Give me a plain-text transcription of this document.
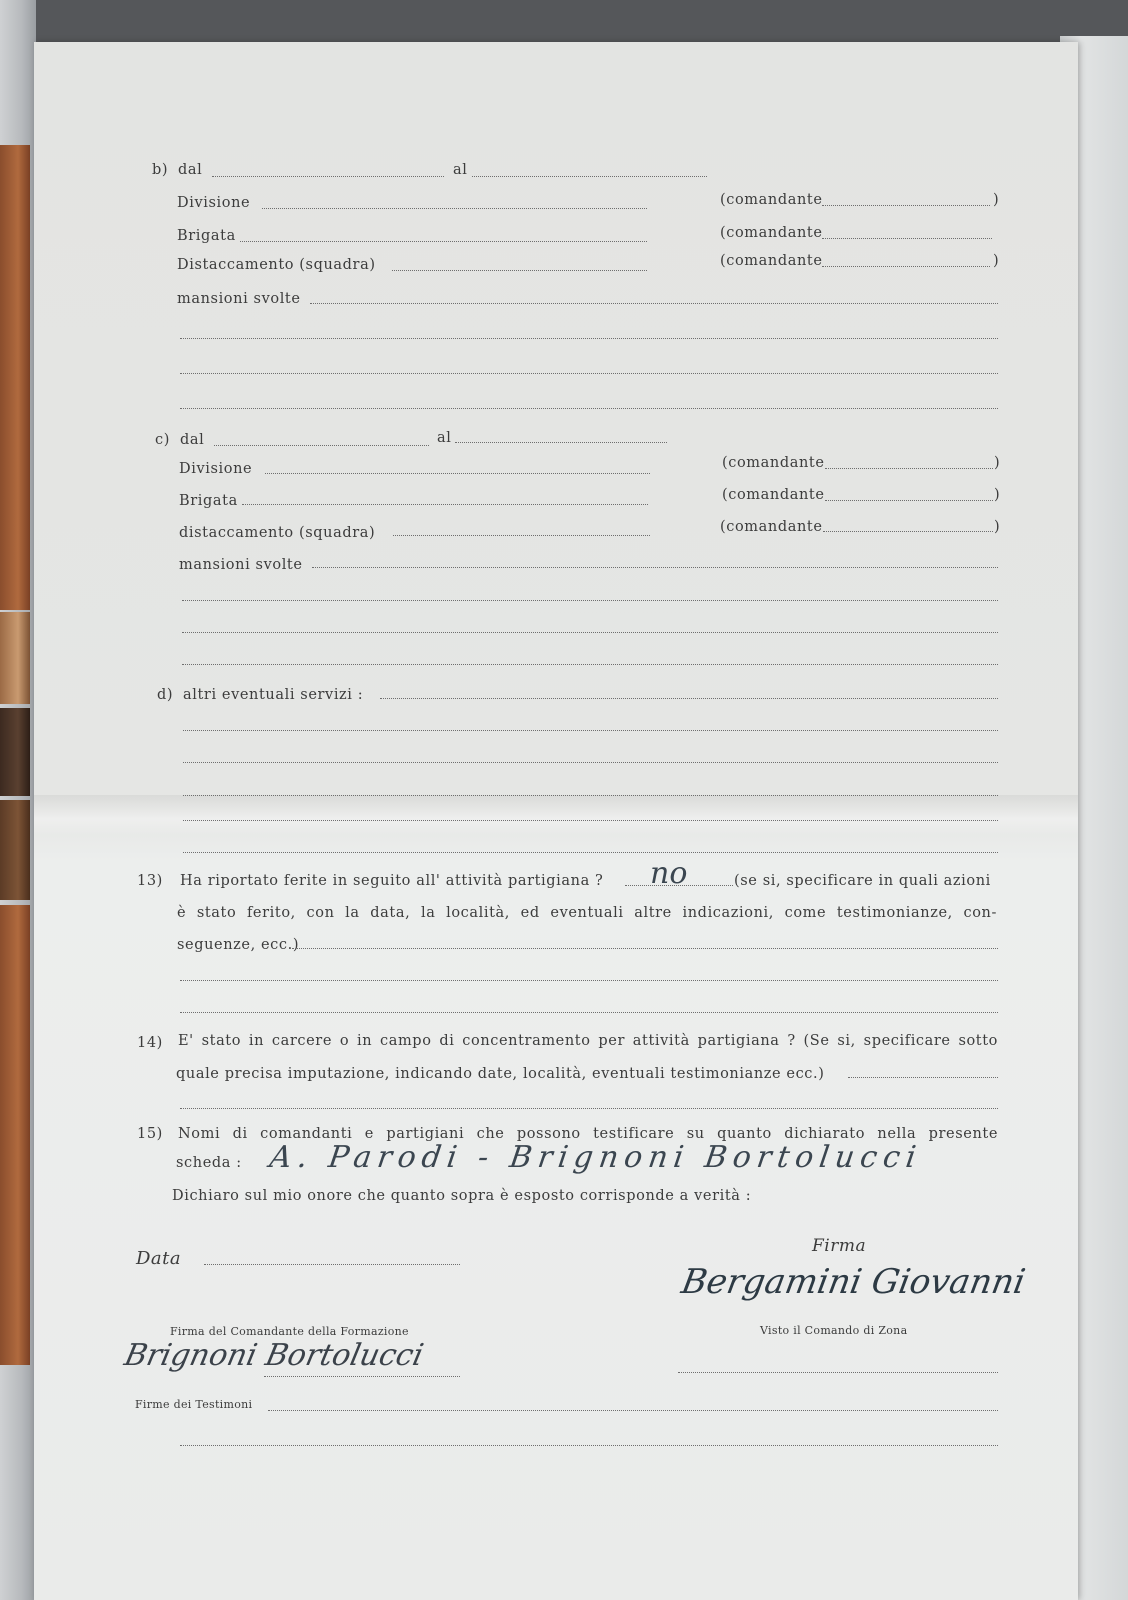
b) dal	al
Divisione	(comandante	)
Brigata	(comandante
Distaccamento (squadra)	(comandante	)
mansioni svolte
c) dal	al
Divisione	(comandante	)
Brigata	(comandante	)
distaccamento (squadra)	(comandante	)
mansioni svolte
d) altri eventuali servizi :
13) Ha riportato ferite in seguito all' attività partigiana ? no	(se si, specificare in quali azioni
è stato ferito, con la data, la località, ed eventuali altre indicazioni, come testimonianze, con-
seguenze, ecc.)
14) E' stato in carcere o in campo di concentramento per attività partigiana ? (Se si, specificare sotto
quale precisa imputazione, indicando date, località, eventuali testimonianze ecc.)
15) Nomi di comandanti e partigiani che possono testificare su quanto dichiarato nella presente
scheda : A. Parodi - Brignoni Bortolucci
Dichiaro sul mio onore che quanto sopra è esposto corrisponde a verità :
Data
Firma
Bergamini Giovanni
Firma del Comandante della Formazione
Brignoni Bortolucci
Visto il Comando di Zona
Firme dei Testimoni
